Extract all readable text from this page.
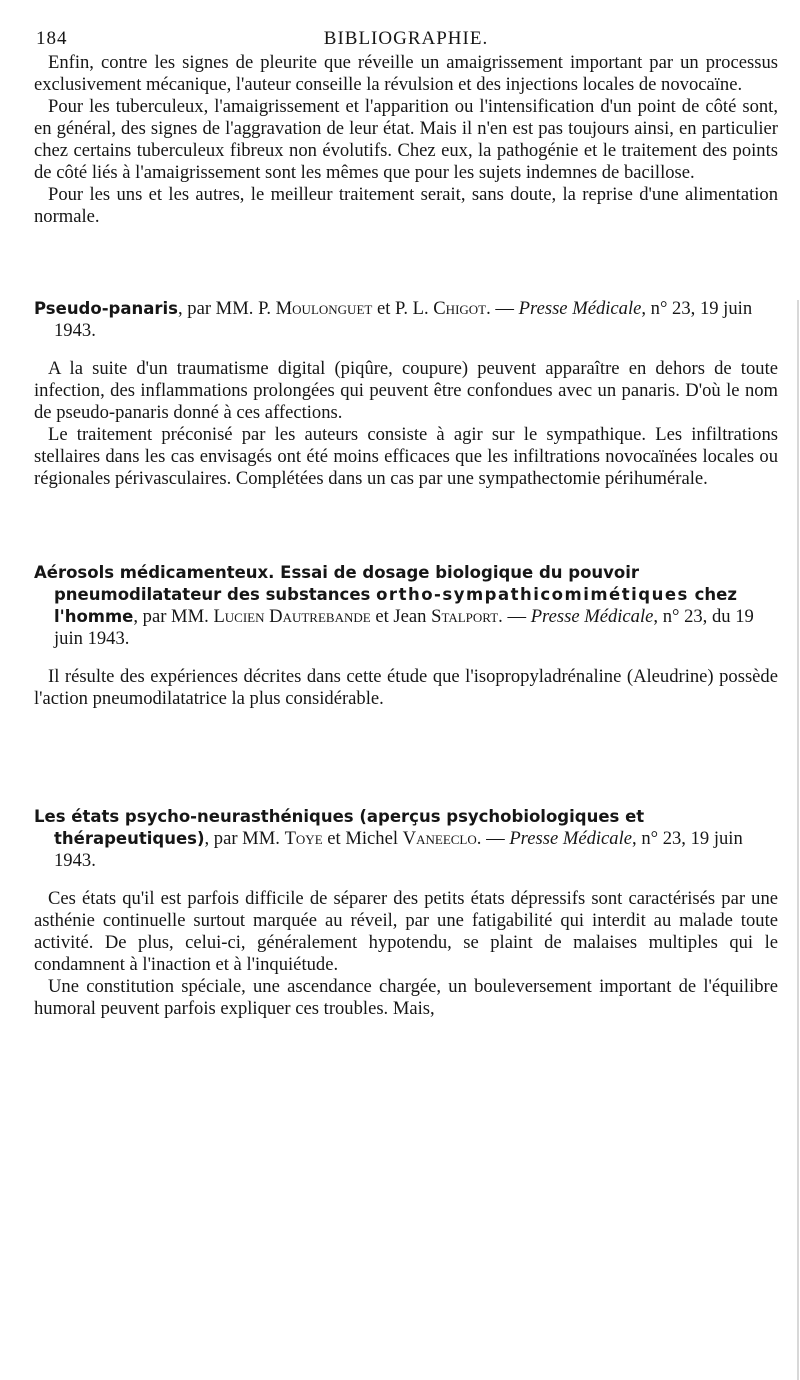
184	BIBLIOGRAPHIE.

Enfin, contre les signes de pleurite que réveille un amaigrissement important par un processus exclusivement mécanique, l'auteur conseille la révulsion et des injections locales de novocaïne.

Pour les tuberculeux, l'amaigrissement et l'apparition ou l'intensification d'un point de côté sont, en général, des signes de l'aggravation de leur état. Mais il n'en est pas toujours ainsi, en particulier chez certains tuberculeux fibreux non évolutifs. Chez eux, la pathogénie et le traitement des points de côté liés à l'amaigrissement sont les mêmes que pour les sujets indemnes de bacillose.

Pour les uns et les autres, le meilleur traitement serait, sans doute, la reprise d'une alimentation normale.

Pseudo-panaris, par MM. P. Moulonguet et P. L. Chigot. — Presse Médicale, n° 23, 19 juin 1943.

A la suite d'un traumatisme digital (piqûre, coupure) peuvent apparaître en dehors de toute infection, des inflammations prolongées qui peuvent être confondues avec un panaris. D'où le nom de pseudo-panaris donné à ces affections.

Le traitement préconisé par les auteurs consiste à agir sur le sympathique. Les infiltrations stellaires dans les cas envisagés ont été moins efficaces que les infiltrations novocaïnées locales ou régionales périvasculaires. Complétées dans un cas par une sympathectomie périhumérale.

Aérosols médicamenteux. Essai de dosage biologique du pouvoir pneumodilatateur des substances ortho-sympathicomimétiques chez l'homme, par MM. Lucien Dautrebande et Jean Stalport. — Presse Médicale, n° 23, du 19 juin 1943.

Il résulte des expériences décrites dans cette étude que l'isopropyladrénaline (Aleudrine) possède l'action pneumodilatatrice la plus considérable.

Les états psycho-neurasthéniques (aperçus psychobiologiques et thérapeutiques), par MM. Toye et Michel Vaneeclo. — Presse Médicale, n° 23, 19 juin 1943.

Ces états qu'il est parfois difficile de séparer des petits états dépressifs sont caractérisés par une asthénie continuelle surtout marquée au réveil, par une fatigabilité qui interdit au malade toute activité. De plus, celui-ci, généralement hypotendu, se plaint de malaises multiples qui le condamnent à l'inaction et à l'inquiétude.

Une constitution spéciale, une ascendance chargée, un bouleversement important de l'équilibre humoral peuvent parfois expliquer ces troubles. Mais,
